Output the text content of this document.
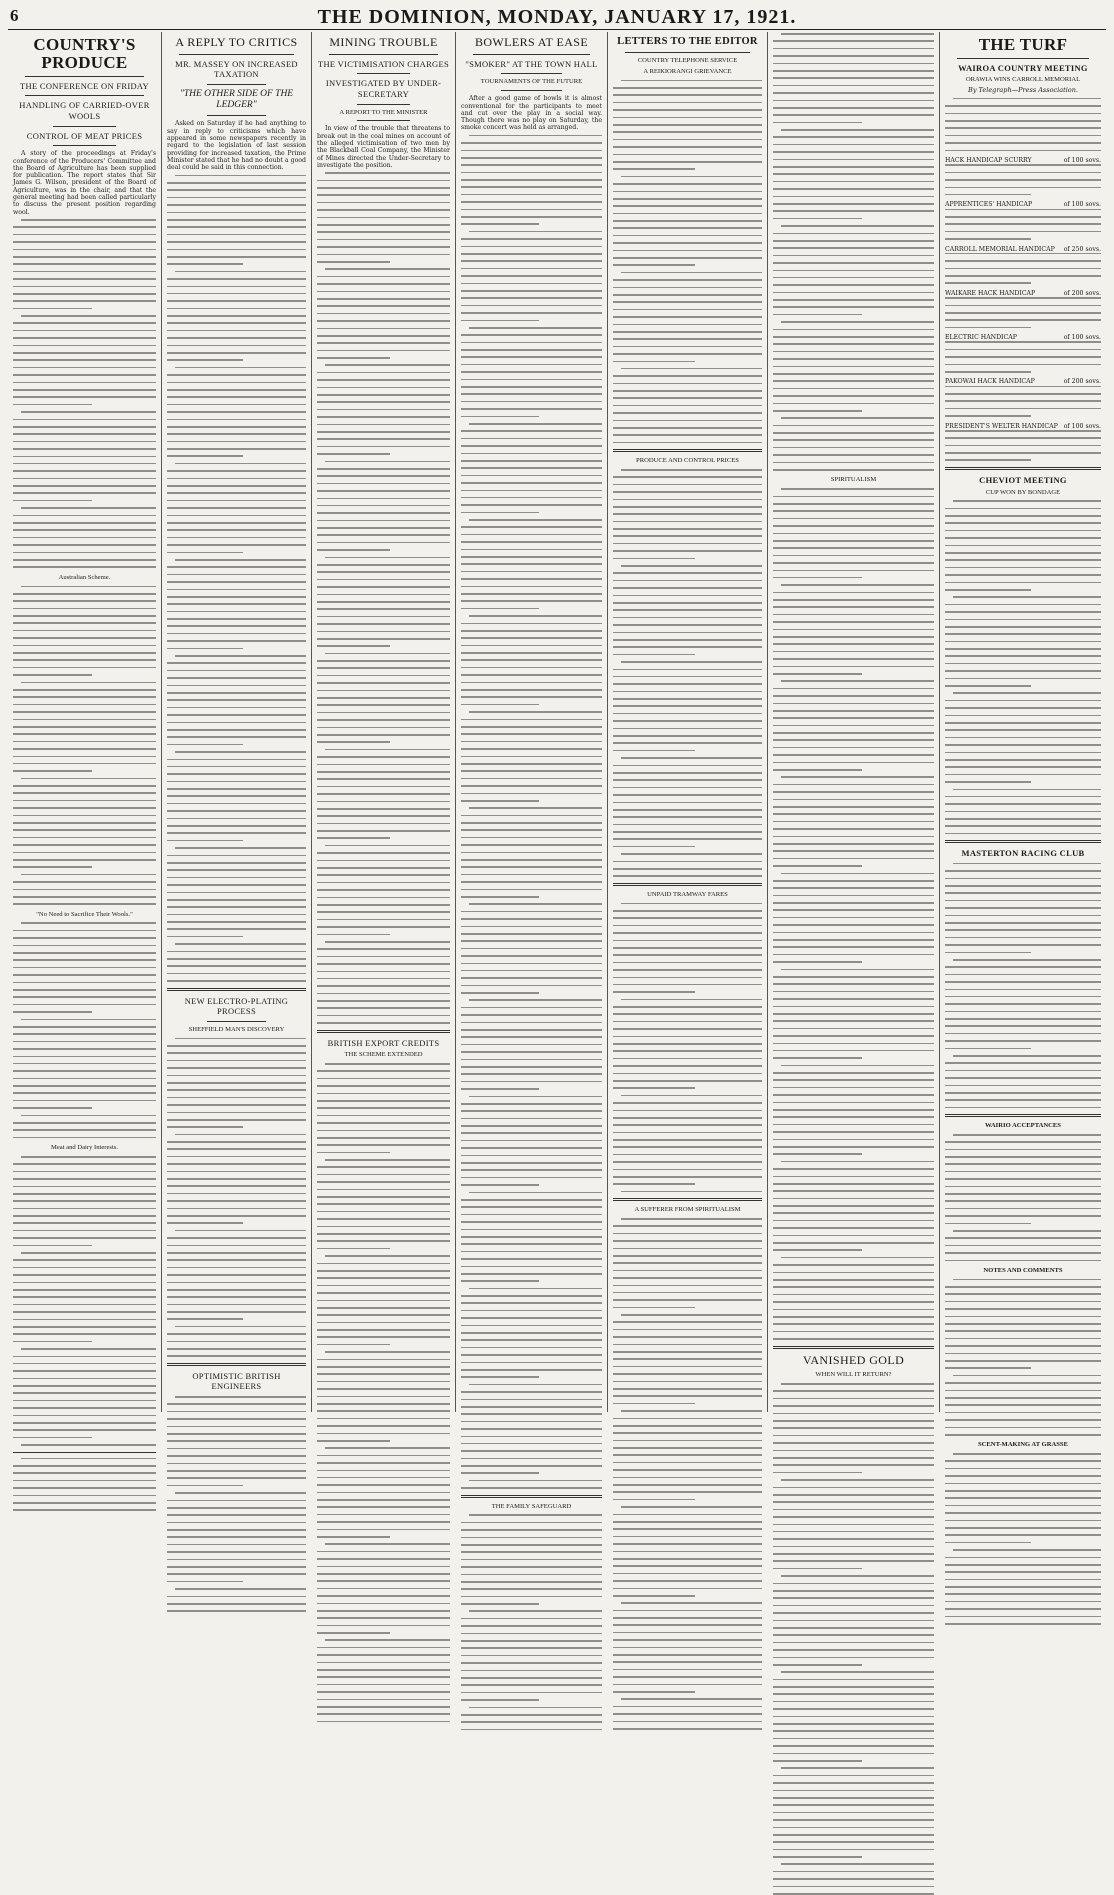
6	THE DOMINION, MONDAY, JANUARY 17, 1921.
COUNTRY'S PRODUCE
THE CONFERENCE ON FRIDAY
HANDLING OF CARRIED-OVER WOOLS
CONTROL OF MEAT PRICES

A story of the proceedings at Friday's conference of the Producers' Committee and the Board of Agriculture has been supplied for publication. The report states that Sir James G. Wilson, president of the Board of Agriculture, was in the chair, and that the general meeting had been called particularly to discuss the present position regarding wool.

Australian Scheme.
"No Need to Sacrifice Their Wools."
Meat and Dairy Interests.
A REPLY TO CRITICS
MR. MASSEY ON INCREASED TAXATION
"THE OTHER SIDE OF THE LEDGER"

Asked on Saturday if he had anything to say in reply to criticisms which have appeared in some newspapers recently in regard to the legislation of last session providing for increased taxation, the Prime Minister stated that he had no doubt a good deal could be said in this connection.

NEW ELECTRO-PLATING PROCESS
SHEFFIELD MAN'S DISCOVERY
OPTIMISTIC BRITISH ENGINEERS
MINING TROUBLE
THE VICTIMISATION CHARGES
INVESTIGATED BY UNDER-SECRETARY
A REPORT TO THE MINISTER

In view of the trouble that threatens to break out in the coal mines on account of the alleged victimisation of two men by the Blackball Coal Company, the Minister of Mines directed the Under-Secretary to investigate the position.

BRITISH EXPORT CREDITS
THE SCHEME EXTENDED
BOWLERS AT EASE
"SMOKER" AT THE TOWN HALL
TOURNAMENTS OF THE FUTURE

After a good game of bowls it is almost conventional for the participants to meet and cut over the play in a social way. Though there was no play on Saturday, the smoke concert was held as arranged.

THE FAMILY SAFEGUARD
LETTERS TO THE EDITOR
COUNTRY TELEPHONE SERVICE
A REIKIORANGI GRIEVANCE
PRODUCE AND CONTROL PRICES
UNPAID TRAMWAY FARES
A SUFFERER FROM SPIRITUALISM
SPIRITUALISM
VANISHED GOLD
WHEN WILL IT RETURN?
THE TURF
WAIROA COUNTRY MEETING
ORAWIA WINS CARROLL MEMORIAL
By Telegraph—Press Association.
HACK HANDICAP SCURRY	of 100 sovs.
APPRENTICES' HANDICAP	of 100 sovs.
CARROLL MEMORIAL HANDICAP of 250 sovs.
WAIKARE HACK HANDICAP	of 200 sovs.
ELECTRIC HANDICAP	of 100 sovs.
PAKOWAI HACK HANDICAP	of 200 sovs.
PRESIDENT'S WELTER HANDICAP of 100 sovs.
CHEVIOT MEETING
CUP WON BY BONDAGE
MASTERTON RACING CLUB
WAIRIO ACCEPTANCES
NOTES AND COMMENTS
SCENT-MAKING AT GRASSE
